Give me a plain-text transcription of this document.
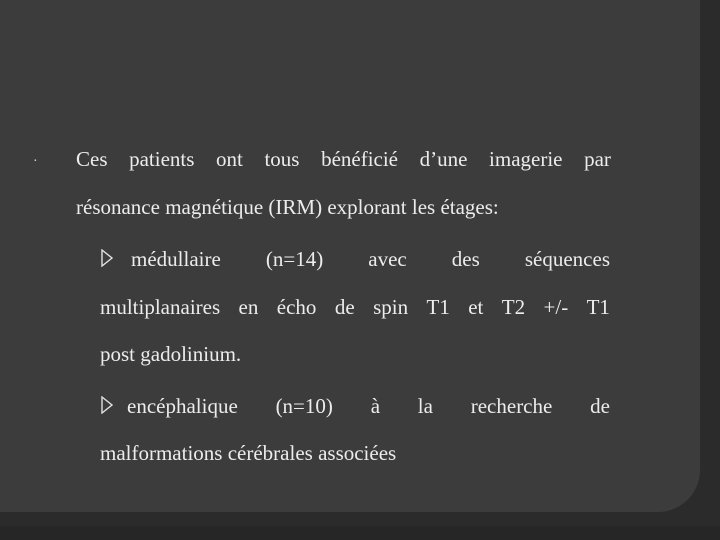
· Ces patients ont tous bénéficié d’une imagerie par
résonance magnétique (IRM) explorant les étages:
médullaire (n=14) avec des séquences
multiplanaires en écho de spin T1 et T2 +/- T1
post gadolinium.
encéphalique (n=10) à la recherche de
malformations cérébrales associées
